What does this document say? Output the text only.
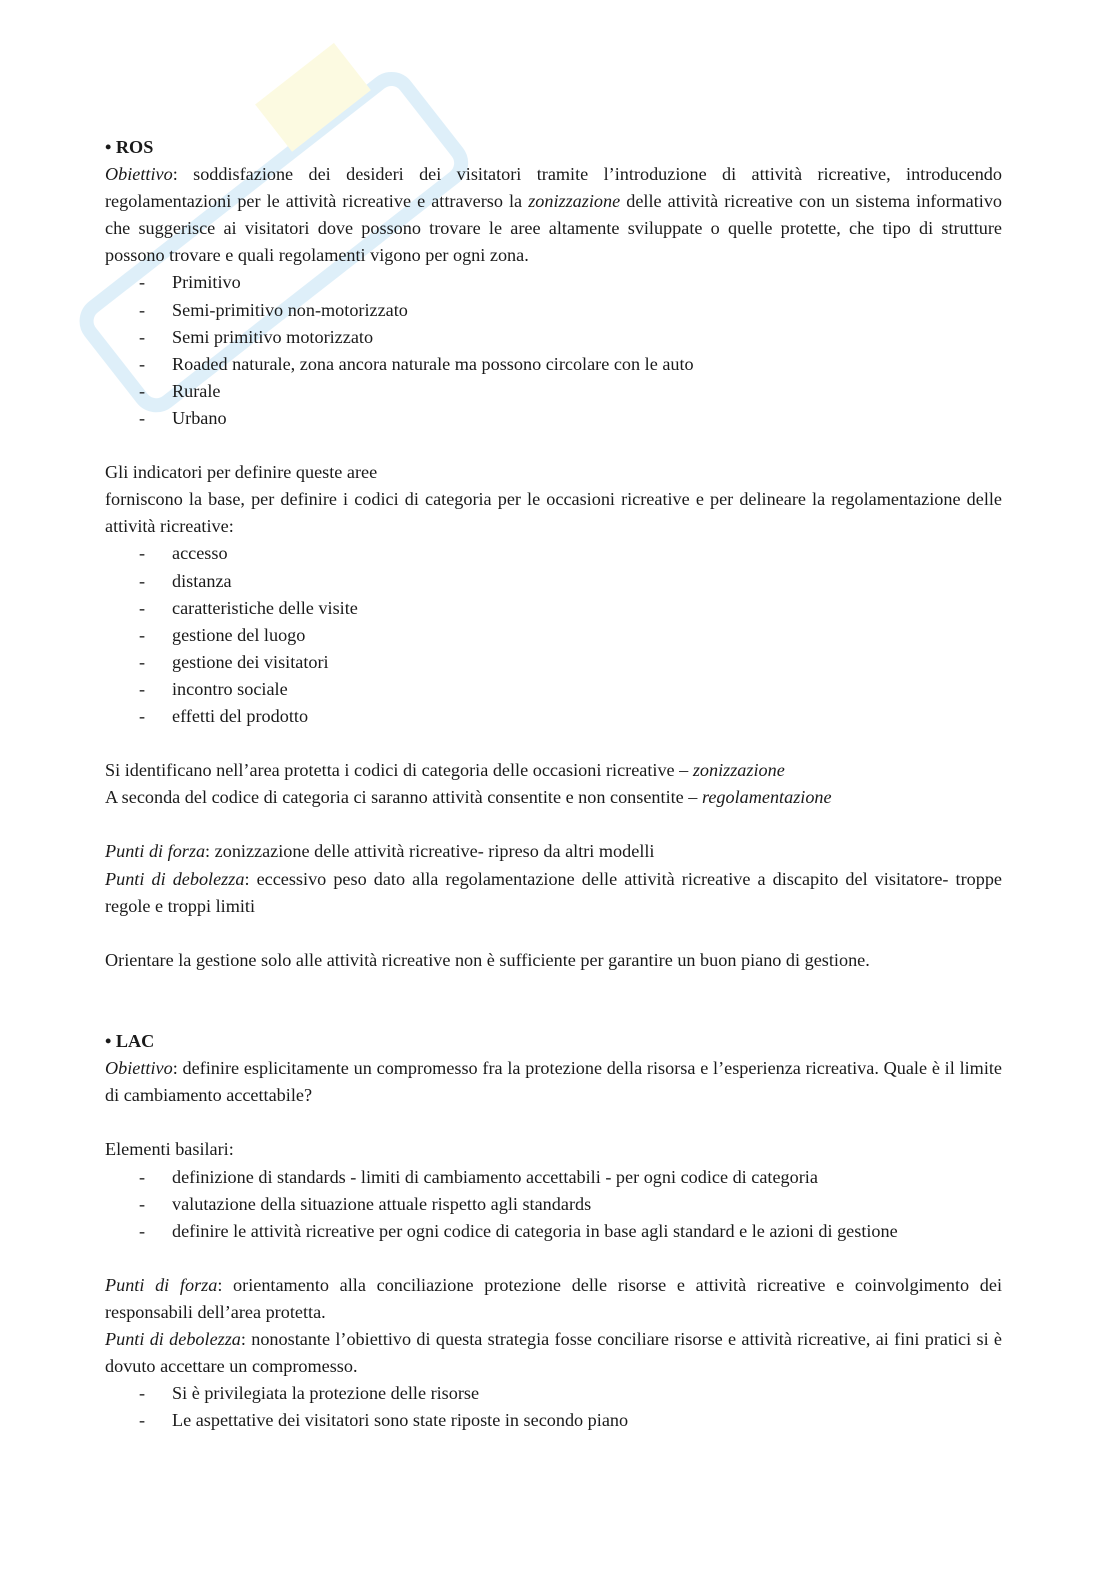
• ROS

Obiettivo: soddisfazione dei desideri dei visitatori tramite l’introduzione di attività ricreative, introducendo regolamentazioni per le attività ricreative e attraverso la zonizzazione delle attività ricreative con un sistema informativo che suggerisce ai visitatori dove possono trovare le aree altamente sviluppate o quelle protette, che tipo di strutture possono trovare e quali regolamenti vigono per ogni zona.

- Primitivo
- Semi-primitivo non-motorizzato
- Semi primitivo motorizzato
- Roaded naturale, zona ancora naturale ma possono circolare con le auto
- Rurale
- Urbano

Gli indicatori per definire queste aree

forniscono la base, per definire i codici di categoria per le occasioni ricreative e per delineare la regolamentazione delle attività ricreative:

- accesso
- distanza
- caratteristiche delle visite
- gestione del luogo
- gestione dei visitatori
- incontro sociale
- effetti del prodotto

Si identificano nell’area protetta i codici di categoria delle occasioni ricreative – zonizzazione

A seconda del codice di categoria ci saranno attività consentite e non consentite – regolamentazione

Punti di forza: zonizzazione delle attività ricreative- ripreso da altri modelli

Punti di debolezza: eccessivo peso dato alla regolamentazione delle attività ricreative a discapito del visitatore- troppe regole e troppi limiti

Orientare la gestione solo alle attività ricreative non è sufficiente per garantire un buon piano di gestione.

• LAC

Obiettivo: definire esplicitamente un compromesso fra la protezione della risorsa e l’esperienza ricreativa. Quale è il limite di cambiamento accettabile?

Elementi basilari:

- definizione di standards - limiti di cambiamento accettabili - per ogni codice di categoria
- valutazione della situazione attuale rispetto agli standards
- definire le attività ricreative per ogni codice di categoria in base agli standard e le azioni di gestione

Punti di forza: orientamento alla conciliazione protezione delle risorse e attività ricreative e coinvolgimento dei responsabili dell’area protetta.

Punti di debolezza: nonostante l’obiettivo di questa strategia fosse conciliare risorse e attività ricreative, ai fini pratici si è dovuto accettare un compromesso.

- Si è privilegiata la protezione delle risorse
- Le aspettative dei visitatori sono state riposte in secondo piano
